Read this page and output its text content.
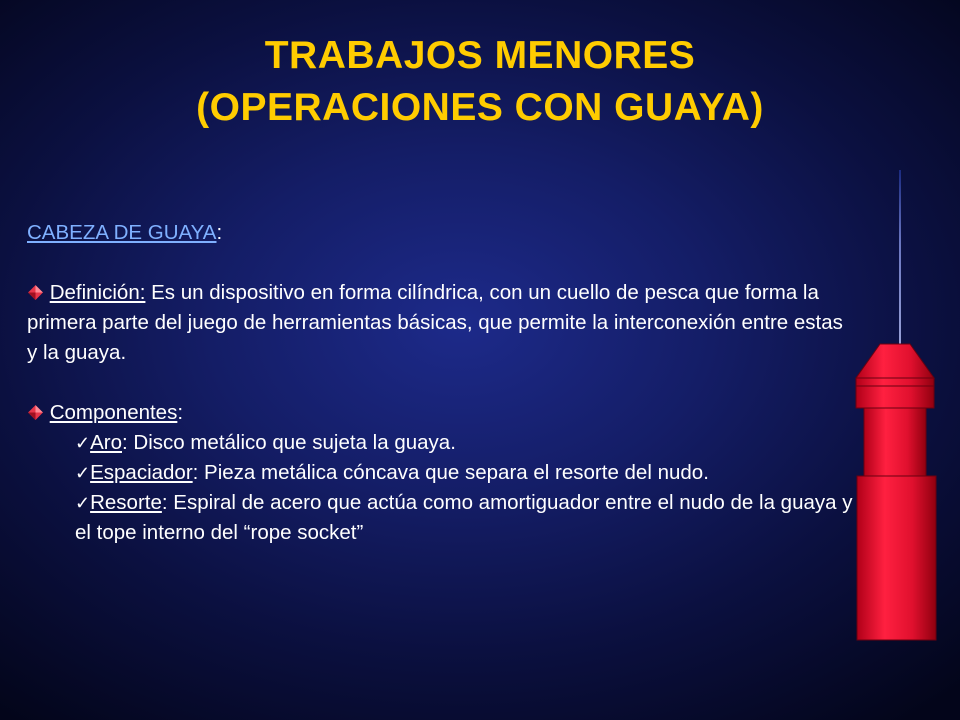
TRABAJOS MENORES
(OPERACIONES CON GUAYA)
CABEZA DE GUAYA:
Definición: Es un dispositivo en forma cilíndrica, con un cuello de pesca que forma la primera parte del juego de herramientas básicas, que permite la interconexión entre estas y la guaya.
Componentes:
✓Aro: Disco metálico que sujeta la guaya.
✓Espaciador: Pieza metálica cóncava que separa el resorte del nudo.
✓Resorte: Espiral de acero que actúa como amortiguador entre el nudo de la guaya y el tope interno del “rope socket”
